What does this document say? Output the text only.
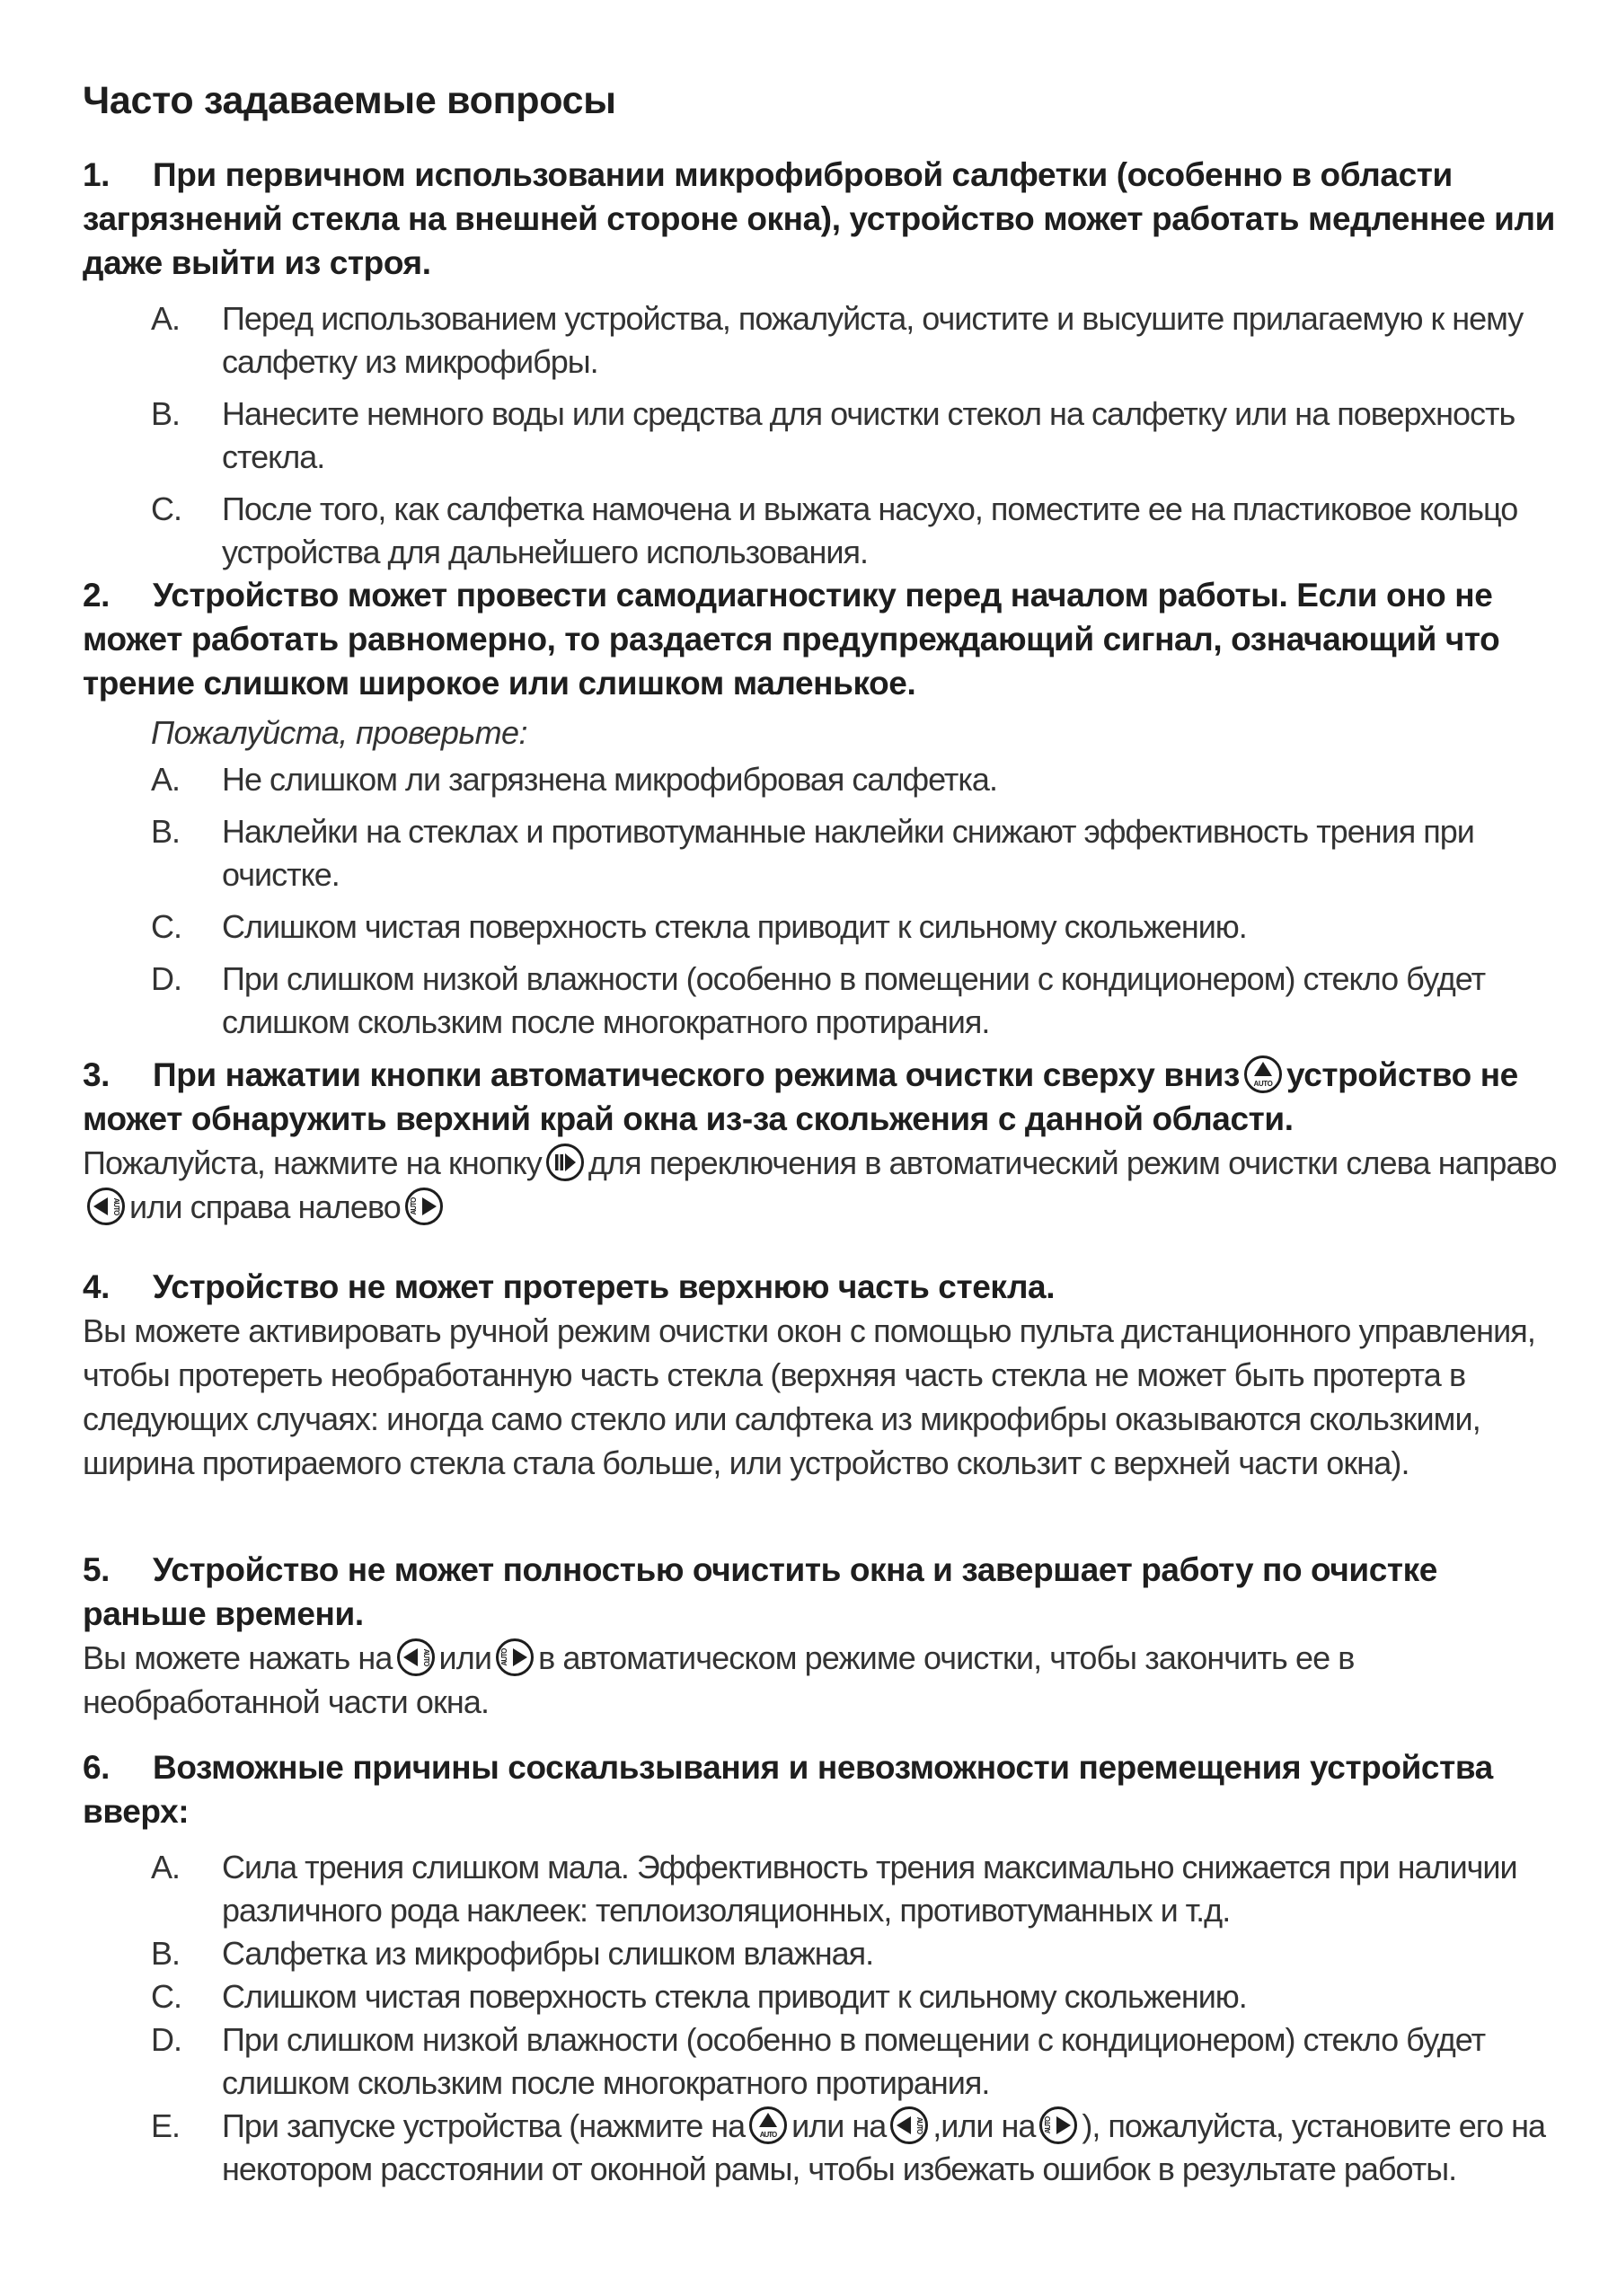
Часто задаваемые вопросы

1. При первичном использовании микрофибровой салфетки (особенно в области загрязнений стекла на внешней стороне окна), устройство может работать медленнее или даже выйти из строя.

A.	Перед использованием устройства, пожалуйста, очистите и высушите прилагаемую к нему салфетку из микрофибры.
B.	Нанесите немного воды или средства для очистки стекол на салфетку или на поверхность стекла.
C.	После того, как салфетка намочена и выжата насухо, поместите ее на пластиковое кольцо устройства для дальнейшего использования.

2. Устройство может провести самодиагностику перед началом работы. Если оно не может работать равномерно, то раздается предупреждающий сигнал, означающий что трение слишком широкое или слишком маленькое.

Пожалуйста, проверьте:

A.	Не слишком ли загрязнена микрофибровая салфетка.
B.	Наклейки на стеклах и противотуманные наклейки снижают эффективность трения при очистке.
C.	Слишком чистая поверхность стекла приводит к сильному скольжению.
D.	При слишком низкой влажности (особенно в помещении с кондиционером) стекло будет слишком скользким после многократного протирания.

3. При нажатии кнопки автоматического режима очистки сверху вниз AUTO устройство не может обнаружить верхний край окна из-за скольжения с данной области.

Пожалуйста, нажмите на кнопку для переключения в автоматический режим очистки слева направо
AUTO или справа налево AUTO

4. Устройство не может протереть верхнюю часть стекла.

Вы можете активировать ручной режим очистки окон с помощью пульта дистанционного управления, чтобы протереть необработанную часть стекла (верхняя часть стекла не может быть протерта в следующих случаях: иногда само стекло или салфтека из микрофибры оказываются скользкими, ширина протираемого стекла стала больше, или устройство скользит с верхней части окна).

5. Устройство не может полностью очистить окна и завершает работу по очистке раньше времени.

Вы можете нажать на	AUTO или AUTO в автоматическом режиме очистки, чтобы закончить ее в необработанной части окна.

6. Возможные причины соскальзывания и невозможности перемещения устройства вверх:

A.	Сила трения слишком мала. Эффективность трения максимально снижается при наличии различного рода наклеек: теплоизоляционных, противотуманных и т.д.
B.	Салфетка из микрофибры слишком влажная.
C.	Слишком чистая поверхность стекла приводит к сильному скольжению.
D.	При слишком низкой влажности (особенно в помещении с кондиционером) стекло будет слишком скользким после многократного протирания.
E.	При запуске устройства (нажмите на AUTO или на	AUTO ,или на AUTO ), пожалуйста, установите его на некотором расстоянии от оконной рамы, чтобы избежать ошибок в результате работы.
